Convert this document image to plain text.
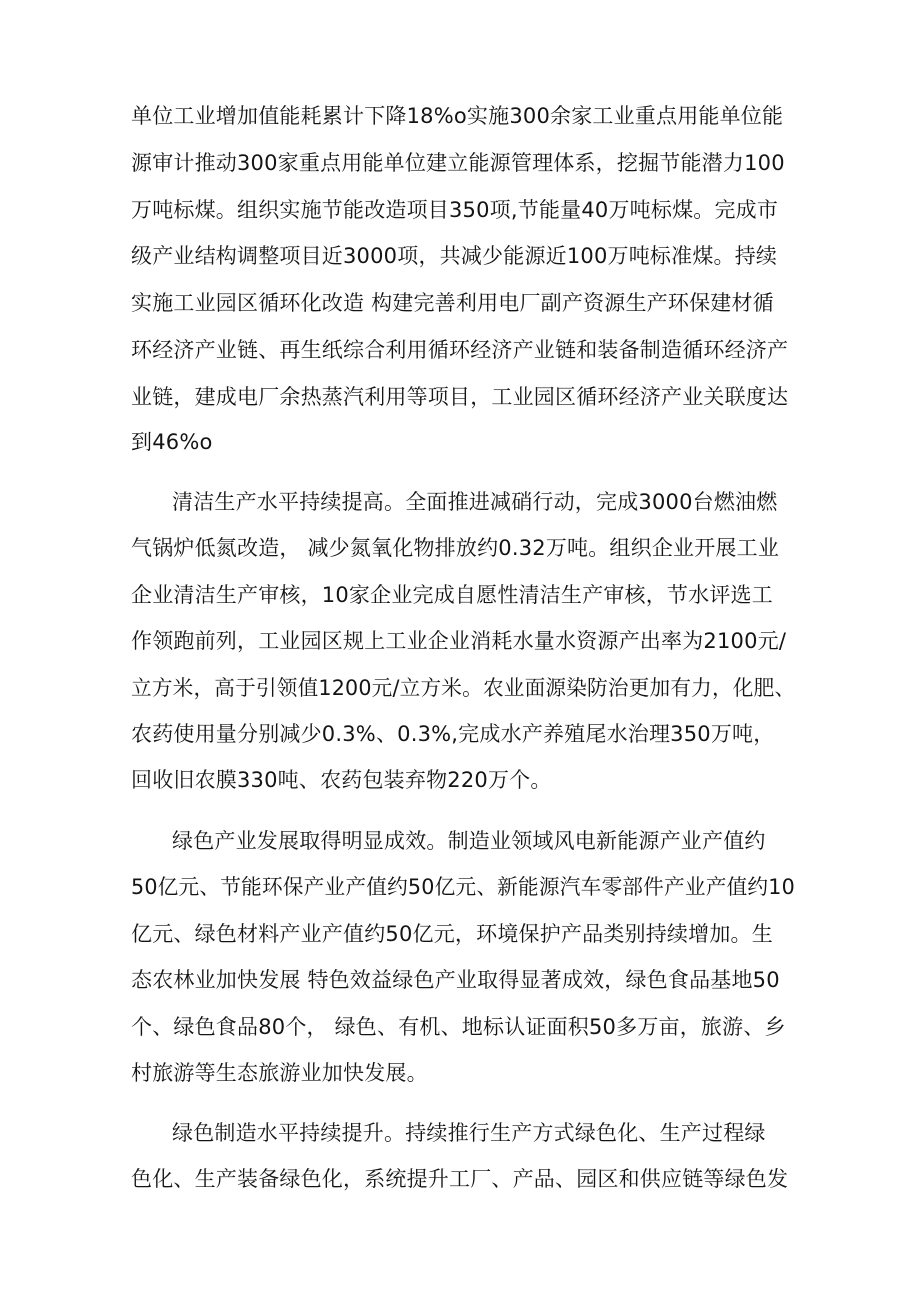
单位工业增加值能耗累计下降18%o实施300余家工业重点用能单位能
源审计推动300家重点用能单位建立能源管理体系，挖掘节能潜力100
万吨标煤。组织实施节能改造项目350项,节能量40万吨标煤。完成市
级产业结构调整项目近3000项，共减少能源近100万吨标准煤。持续
实施工业园区循环化改造 构建完善利用电厂副产资源生产环保建材循
环经济产业链、再生纸综合利用循环经济产业链和装备制造循环经济产
业链，建成电厂余热蒸汽利用等项目，工业园区循环经济产业关联度达
到46%o
清洁生产水平持续提高。全面推进减硝行动，完成3000台燃油燃
气锅炉低氮改造， 减少氮氧化物排放约0.32万吨。组织企业开展工业
企业清洁生产审核，10家企业完成自愿性清洁生产审核，节水评选工
作领跑前列，工业园区规上工业企业消耗水量水资源产出率为2100元/
立方米，高于引领值1200元/立方米。农业面源染防治更加有力，化肥、
农药使用量分别减少0.3%、0.3%,完成水产养殖尾水治理350万吨，
回收旧农膜330吨、农药包装弃物220万个。
绿色产业发展取得明显成效。制造业领域风电新能源产业产值约
50亿元、节能环保产业产值约50亿元、新能源汽车零部件产业产值约10
亿元、绿色材料产业产值约50亿元，环境保护产品类别持续增加。生
态农林业加快发展 特色效益绿色产业取得显著成效，绿色食品基地50
个、绿色食品80个， 绿色、有机、地标认证面积50多万亩，旅游、乡
村旅游等生态旅游业加快发展。
绿色制造水平持续提升。持续推行生产方式绿色化、生产过程绿
色化、生产装备绿色化，系统提升工厂、产品、园区和供应链等绿色发
